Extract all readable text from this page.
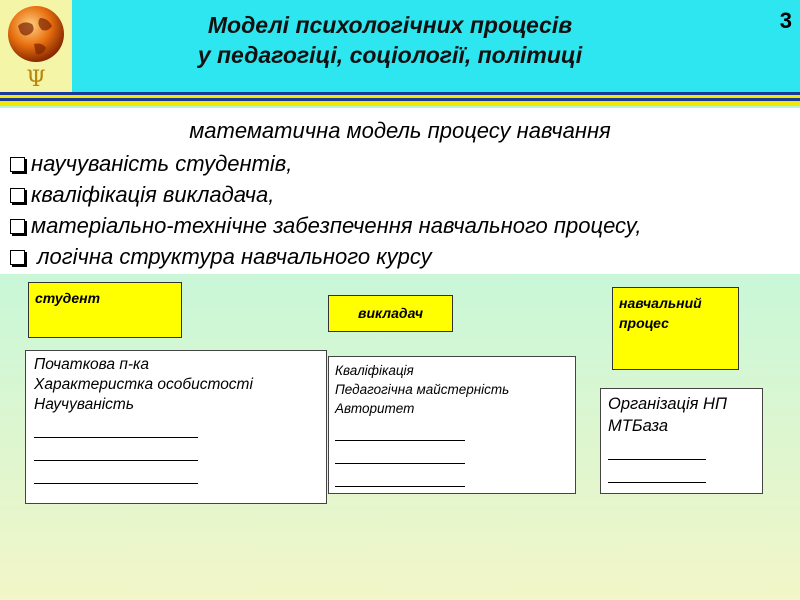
Ψ
Моделі психологічних процесів
у педагогіці, соціології, політиці
3
математична модель процесу навчання
научуваність студентів,
кваліфікація викладача,
матеріально-технічне забезпечення навчального процесу,
логічна структура навчального курсу
студент
викладач
навчальний
процес
Початкова п-ка
Характеристка особистості
Научуваність
Кваліфікація
Педагогічна майстерність
Авторитет	Організація НП
МТБаза
